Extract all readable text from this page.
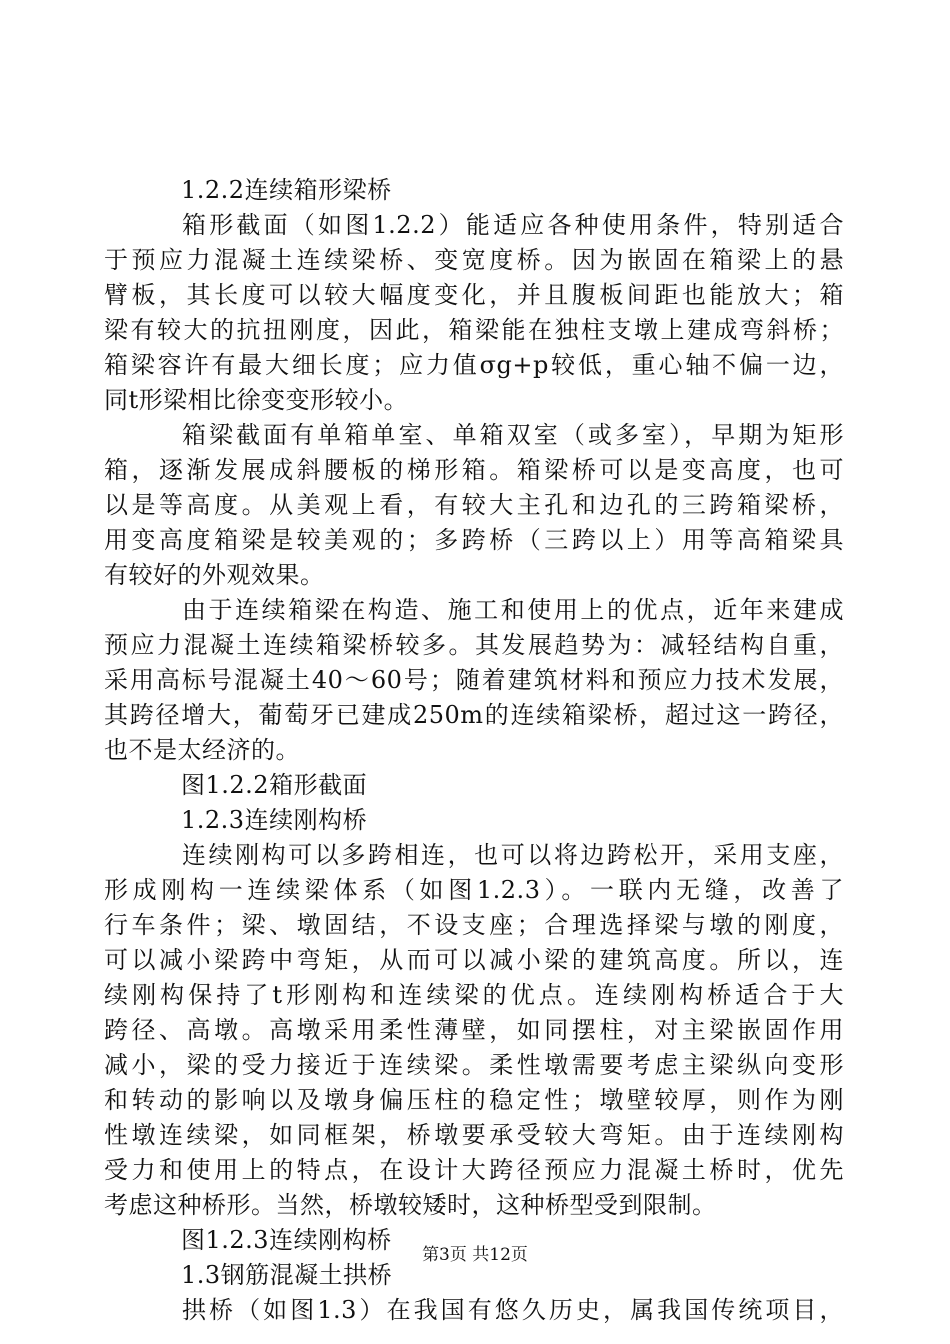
1.2.2连续箱形梁桥
箱形截面（如图1.2.2）能适应各种使用条件，特别适合
于预应力混凝土连续梁桥、变宽度桥。因为嵌固在箱梁上的悬
臂板，其长度可以较大幅度变化，并且腹板间距也能放大；箱
梁有较大的抗扭刚度，因此，箱梁能在独柱支墩上建成弯斜桥；
箱梁容许有最大细长度；应力值σg+p较低，重心轴不偏一边，
同t形梁相比徐变变形较小。
箱梁截面有单箱单室、单箱双室（或多室），早期为矩形
箱，逐渐发展成斜腰板的梯形箱。箱梁桥可以是变高度，也可
以是等高度。从美观上看，有较大主孔和边孔的三跨箱梁桥，
用变高度箱梁是较美观的；多跨桥（三跨以上）用等高箱梁具
有较好的外观效果。
由于连续箱梁在构造、施工和使用上的优点，近年来建成
预应力混凝土连续箱梁桥较多。其发展趋势为：减轻结构自重，
采用高标号混凝土40～60号；随着建筑材料和预应力技术发展，
其跨径增大，葡萄牙已建成250m的连续箱梁桥，超过这一跨径，
也不是太经济的。
图1.2.2箱形截面
1.2.3连续刚构桥
连续刚构可以多跨相连，也可以将边跨松开，采用支座，
形成刚构一连续梁体系（如图1.2.3）。一联内无缝，改善了
行车条件；梁、墩固结，不设支座；合理选择梁与墩的刚度，
可以减小梁跨中弯矩，从而可以减小梁的建筑高度。所以，连
续刚构保持了t形刚构和连续梁的优点。连续刚构桥适合于大
跨径、高墩。高墩采用柔性薄壁，如同摆柱，对主梁嵌固作用
减小，梁的受力接近于连续梁。柔性墩需要考虑主梁纵向变形
和转动的影响以及墩身偏压柱的稳定性；墩壁较厚，则作为刚
性墩连续梁，如同框架，桥墩要承受较大弯矩。由于连续刚构
受力和使用上的特点，在设计大跨径预应力混凝土桥时，优先
考虑这种桥形。当然，桥墩较矮时，这种桥型受到限制。
图1.2.3连续刚构桥
1.3钢筋混凝土拱桥
拱桥（如图1.3）在我国有悠久历史，属我国传统项目，
第3页 共12页
